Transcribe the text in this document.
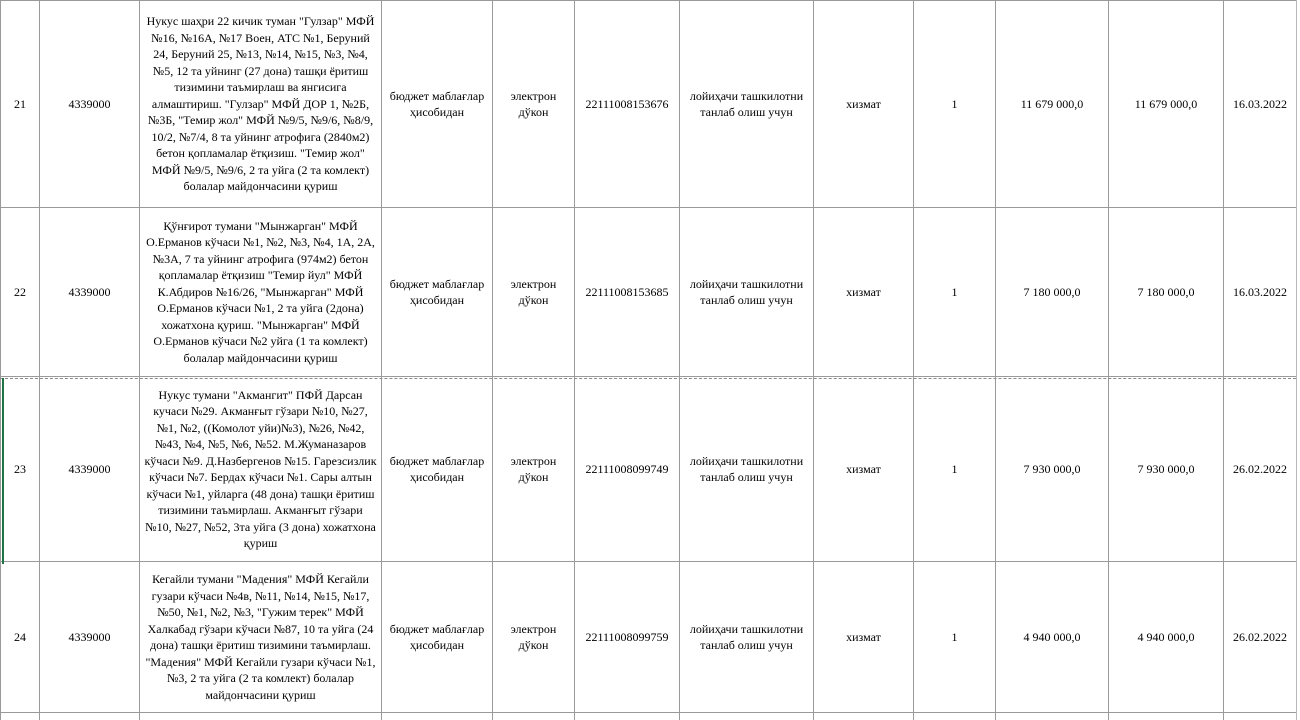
21	4339000	Нукус шаҳри 22 кичик туман "Гулзар" МФЙ №16, №16А, №17 Воен, АТС №1, Беруний 24, Беруний 25, №13, №14, №15, №3, №4, №5, 12 та уйнинг (27 дона) ташқи ёритиш тизимини таъмирлаш ва янгисига алмаштириш. "Гулзар" МФЙ ДОР 1, №2Б, №3Б, "Темир жол" МФЙ №9/5, №9/6, №8/9, 10/2, №7/4, 8 та уйнинг атрофига (2840м2) бетон қопламалар ётқизиш. "Темир жол" МФЙ №9/5, №9/6, 2 та уйга (2 та комлект) болалар майдончасини қуриш	бюджет маблағлар ҳисобидан	электрон дўкон	22111008153676	лойиҳачи ташкилотни танлаб олиш учун	хизмат	1	11 679 000,0	11 679 000,0	16.03.2022
22	4339000	Қўнғирот тумани "Мынжарган" МФЙ О.Ерманов кўчаси №1, №2, №3, №4, 1А, 2А, №3А, 7 та уйнинг атрофига (974м2) бетон қопламалар ётқизиш "Темир йул" МФЙ К.Абдиров №16/26, "Мынжарган" МФЙ О.Ерманов кўчаси №1, 2 та уйга (2дона) хожатхона қуриш. "Мынжарган" МФЙ О.Ерманов кўчаси №2 уйга (1 та комлект) болалар майдончасини қуриш	бюджет маблағлар ҳисобидан	электрон дўкон	22111008153685	лойиҳачи ташкилотни танлаб олиш учун	хизмат	1	7 180 000,0	7 180 000,0	16.03.2022
23	4339000	Нукус тумани "Акмангит" ПФЙ Дарсан кучаси №29. Акманғыт гўзари №10, №27, №1, №2, ((Комолот уйи)№3), №26, №42, №43, №4, №5, №6, №52. М.Жуманазаров кўчаси №9. Д.Назбергенов №15. Гарезсизлик кўчаси №7. Бердах кўчаси №1. Сары алтын кўчаси №1, уйларга (48 дона) ташқи ёритиш тизимини таъмирлаш. Акманғыт гўзари №10, №27, №52, 3та уйга (3 дона) хожатхона қуриш	бюджет маблағлар ҳисобидан	электрон дўкон	22111008099749	лойиҳачи ташкилотни танлаб олиш учун	хизмат	1	7 930 000,0	7 930 000,0	26.02.2022
24	4339000	Кегайли тумани "Мадения" МФЙ Кегайли гузари кўчаси №4в, №11, №14, №15, №17, №50, №1, №2, №3, "Гужим терек" МФЙ Халкабад гўзари кўчаси №87, 10 та уйга (24 дона) ташқи ёритиш тизимини таъмирлаш. "Мадения" МФЙ Кегайли гузари кўчаси №1, №3, 2 та уйга (2 та комлект) болалар майдончасини қуриш	бюджет маблағлар ҳисобидан	электрон дўкон	22111008099759	лойиҳачи ташкилотни танлаб олиш учун	хизмат	1	4 940 000,0	4 940 000,0	26.02.2022
